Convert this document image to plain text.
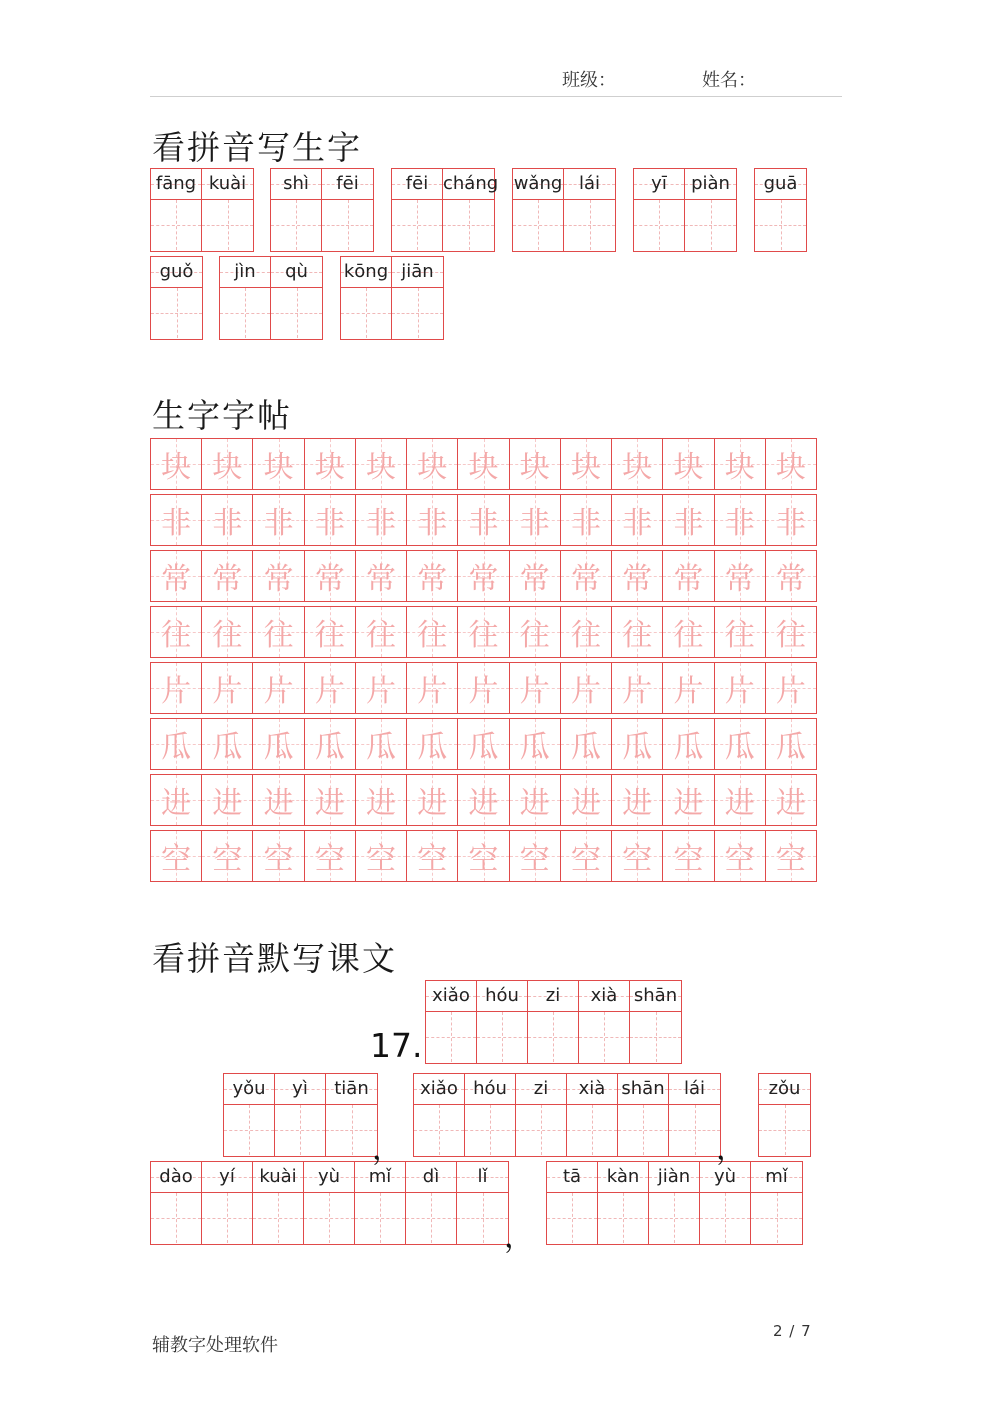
班级：	姓名：
看拼音写生字
fāng kuài	shì	fēi	fēi cháng wǎng lái	yī	piàn	guā
guǒ	jìn	qù	kōng jiān
生字字帖
块 块 块 块 块 块 块 块 块 块 块 块 块
非 非 非 非 非 非 非 非 非 非 非 非 非
常 常 常 常 常 常 常 常 常 常 常 常 常
往 往 往 往 往 往 往 往 往 往 往 往 往
片 片 片 片 片 片 片 片 片 片 片 片 片
瓜 瓜 瓜 瓜 瓜 瓜 瓜 瓜 瓜 瓜 瓜 瓜 瓜
进 进 进 进 进 进 进 进 进 进 进 进 进
空 空 空 空 空 空 空 空 空 空 空 空 空
看拼音默写课文
17.
xiǎo hóu	zi	xià shān
yǒu	yì	tiān	xiǎo hóu	zi	xià shān	lái	zǒu
dào	yí	kuài	yù	mǐ	dì	lǐ	tā	kàn	jiàn	yù	mǐ
，	，
，
辅教字处理软件
2 / 7
